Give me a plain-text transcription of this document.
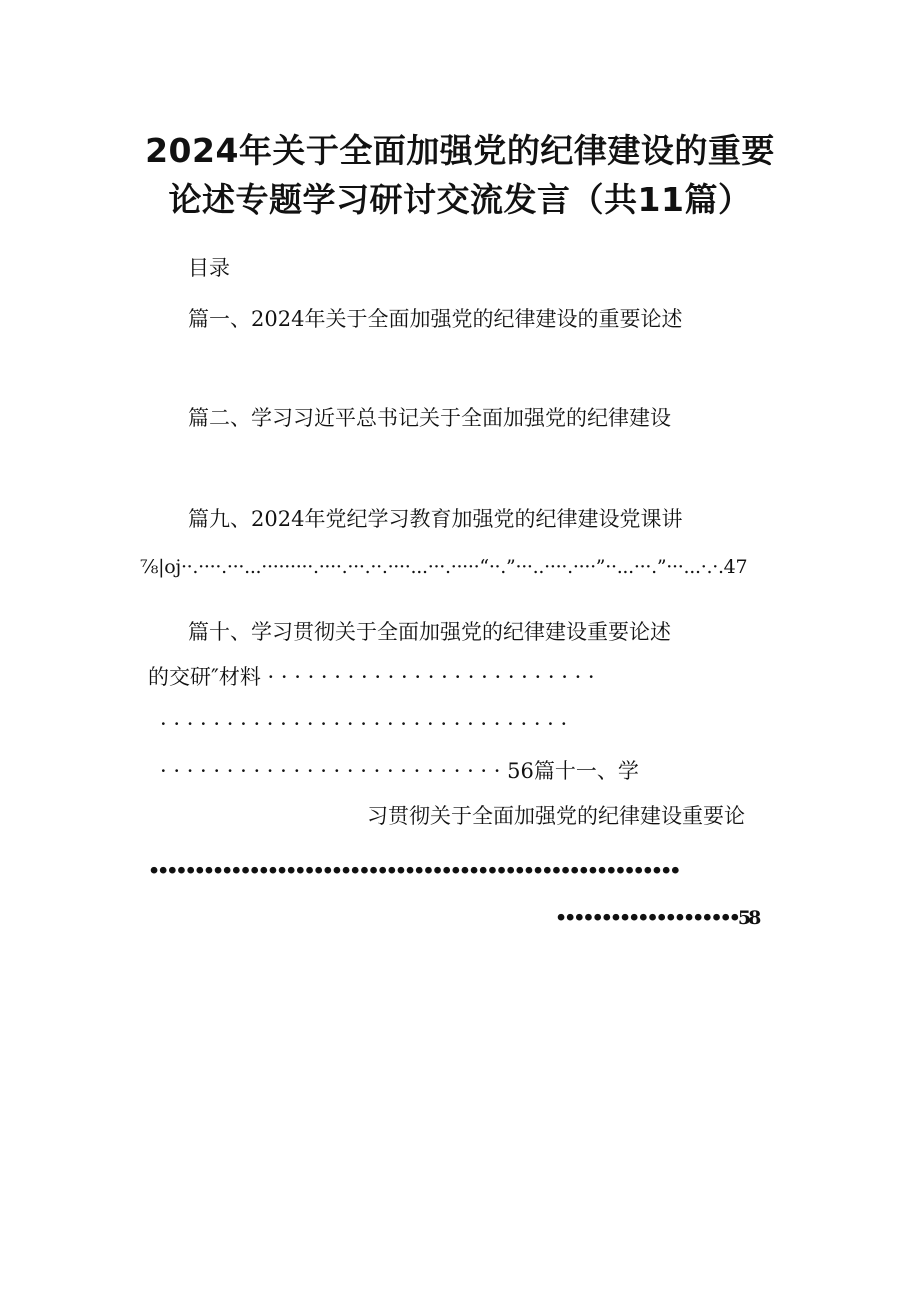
2024年关于全面加强党的纪律建设的重要
论述专题学习研讨交流发言（共11篇）
目录
篇一、2024年关于全面加强党的纪律建设的重要论述
篇二、学习习近平总书记关于全面加强党的纪律建设
篇九、2024年党纪学习教育加强党的纪律建设党课讲
⅞|oj··.····.···...·········.····.···.··.····...···.·····“··.”···..····.····”··...···.”···...·.·.47
篇十、学习贯彻关于全面加强党的纪律建设重要论述
的交研″材料 · · · · · · · · · · · · · · · · · · · · · · · · ·
· · · · · · · · · · · · · · · · · · · · · · · · · · · · · · ·
· · · · · · · · · · · · · · · · · · · · · · · · · · 56篇十一、学
习贯彻关于全面加强党的纪律建设重要论
••••••••••••••••••••••••••••••••••••••••••••••••••••••••••
••••••••••••••••••••58
